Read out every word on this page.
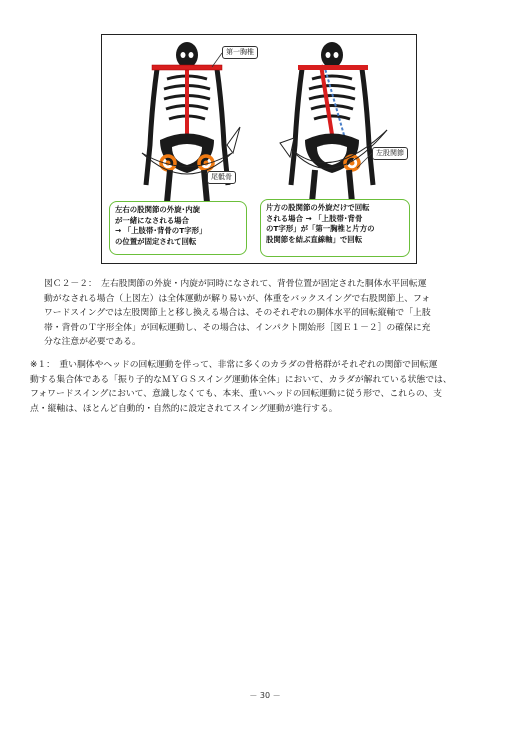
第一胸椎
尾骶骨
左股関節
左右の股関節の外旋･内旋
が一緒になされる場合
→ 「上肢帯･背骨のT字形」
の位置が固定されて回転
片方の股関節の外旋だけで回転
される場合 → 「上肢帯･背骨
のT字形」が「第一胸椎と片方の
股関節を結ぶ直線軸」で回転
図Ｃ２－２：　左右股関節の外旋・内旋が同時になされて、背骨位置が固定された胴体水平回転運
動がなされる場合（上図左）は全体運動が解り易いが、体重をバックスイングで右股関節上、フォ
ワードスイングでは左股関節上と移し換える場合は、そのそれぞれの胴体水平的回転縦軸で「上肢
帯・背骨のＴ字形全体」が回転運動し、その場合は、インパクト開始形［図Ｅ１－２］の確保に充
分な注意が必要である。
※１：　重い胴体やヘッドの回転運動を伴って、非常に多くのカラダの骨格群がそれぞれの関節で回転運
動する集合体である「振り子的なＭＹＧＳスイング運動体全体」において、カラダが解れている状態では、
フォワードスイングにおいて、意識しなくても、本来、重いヘッドの回転運動に従う形で、これらの、支
点・縦軸は、ほとんど自動的・自然的に設定されてスイング運動が進行する。
－ 30 －
